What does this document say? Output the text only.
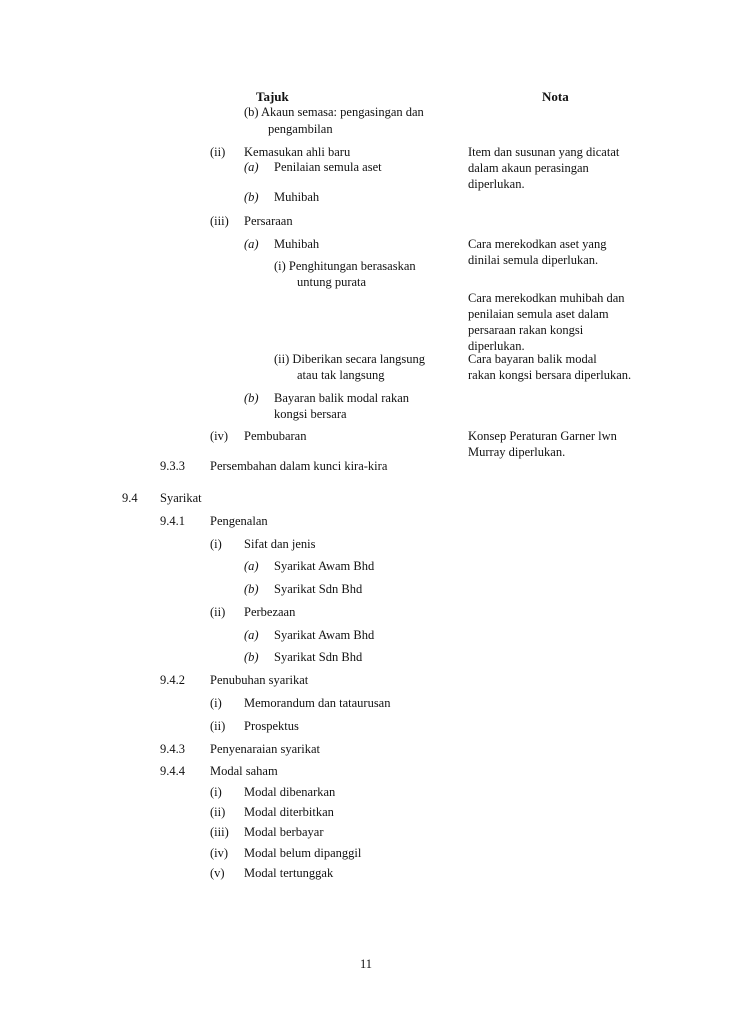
Tajuk	Nota
(b) Akaun semasa: pengasingan dan
pengambilan
(ii) Kemasukan ahli baru
(a) Penilaian semula aset
(b) Muhibah
(iii) Persaraan
(a) Muhibah
(i) Penghitungan berasaskan
untung purata
(ii) Diberikan secara langsung
atau tak langsung
(b) Bayaran balik modal rakan
kongsi bersara
(iv) Pembubaran
9.3.3 Persembahan dalam kunci kira-kira
9.4 Syarikat
9.4.1 Pengenalan
(i) Sifat dan jenis
(a) Syarikat Awam Bhd
(b) Syarikat Sdn Bhd
(ii) Perbezaan
(a) Syarikat Awam Bhd
(b) Syarikat Sdn Bhd
9.4.2 Penubuhan syarikat
(i) Memorandum dan tataurusan
(ii) Prospektus
9.4.3 Penyenaraian syarikat
9.4.4 Modal saham
(i) Modal dibenarkan
(ii) Modal diterbitkan
(iii) Modal berbayar
(iv) Modal belum dipanggil
(v) Modal tertunggak
Item dan susunan yang dicatat
dalam akaun perasingan
diperlukan.
Cara merekodkan aset yang
dinilai semula diperlukan.
Cara merekodkan muhibah dan
penilaian semula aset dalam
persaraan rakan kongsi
diperlukan.
Cara bayaran balik modal
rakan kongsi bersara diperlukan.
Konsep Peraturan Garner lwn
Murray diperlukan.
11
